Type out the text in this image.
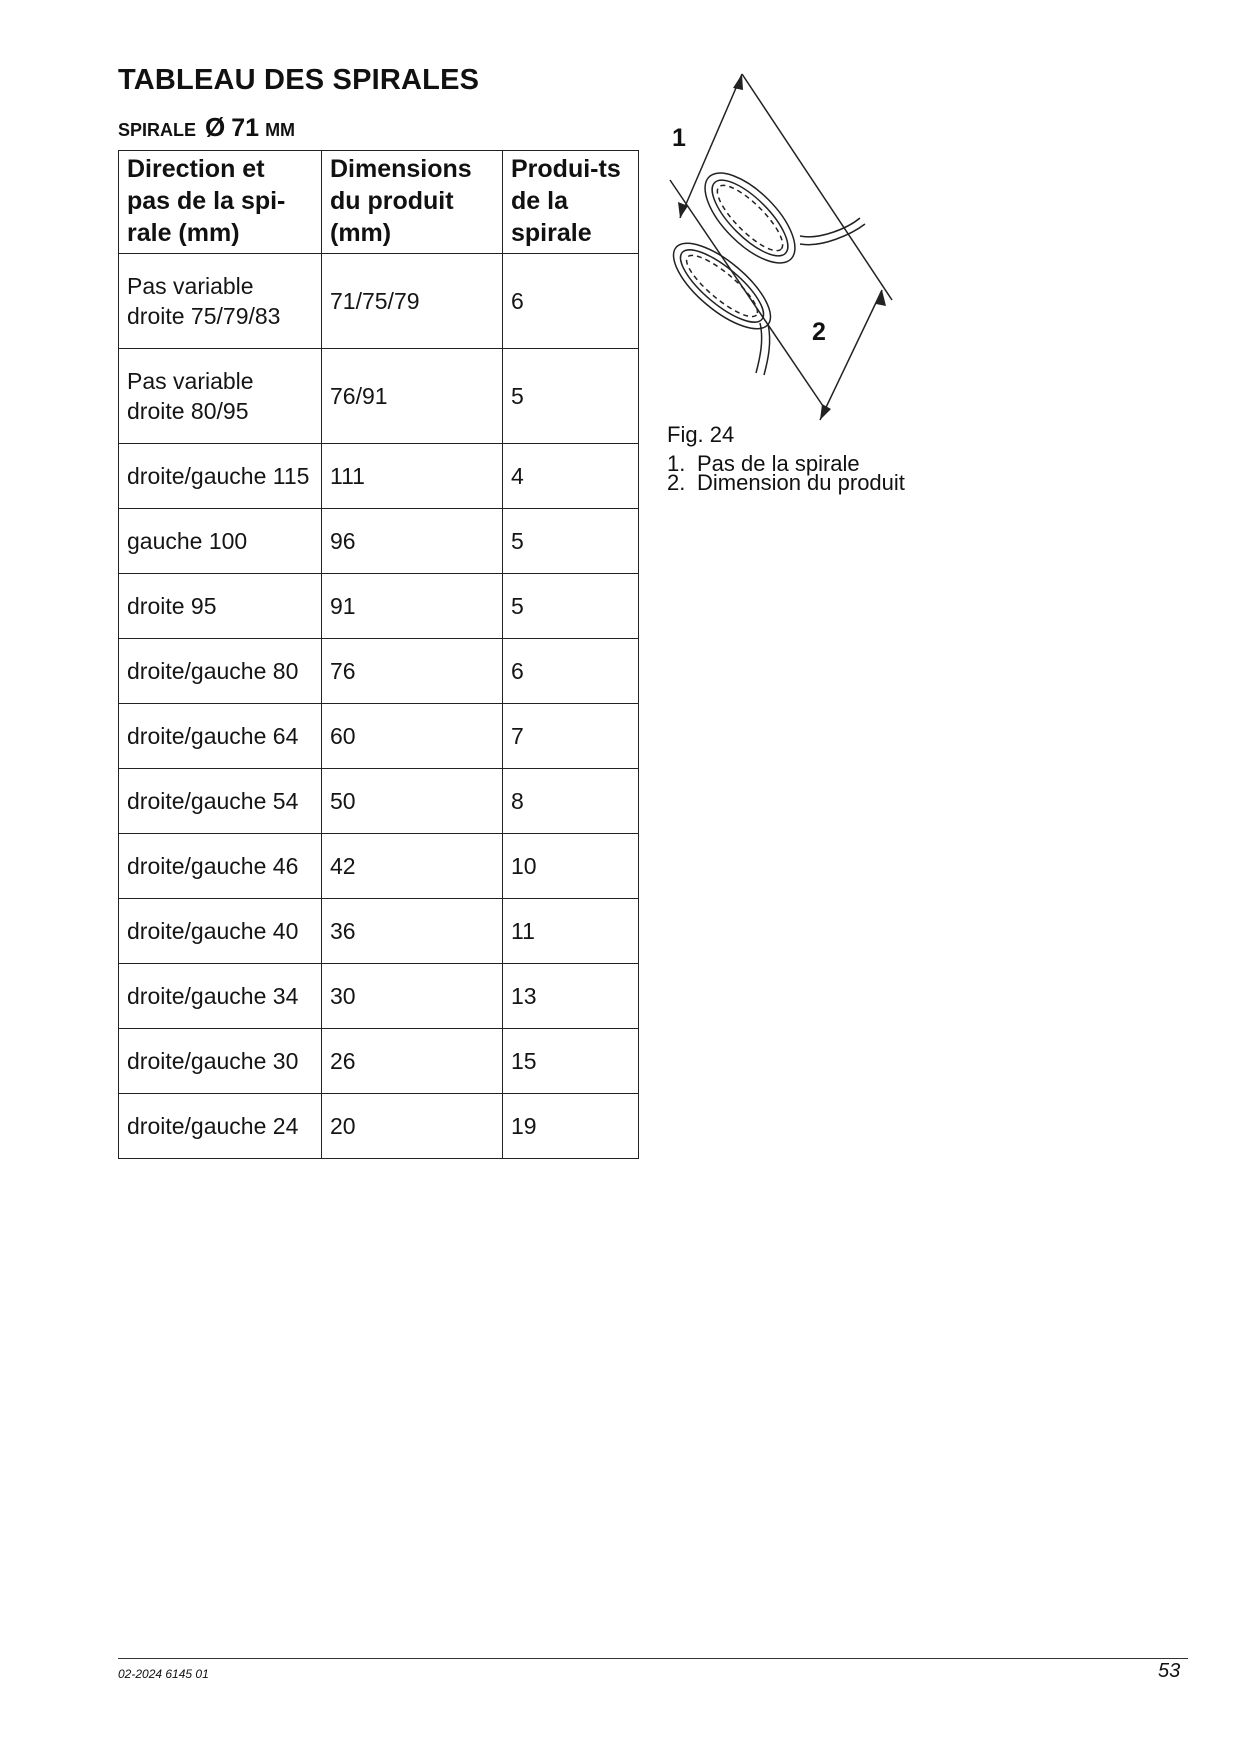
TABLEAU DES SPIRALES
SPIRALE Ø 71 MM
Direction et pas de la spi-rale (mm)	Dimensions du produit (mm)	Produi-ts de la spirale
Pas variable droite 75/79/83	71/75/79	6
Pas variable droite 80/95	76/91	5
droite/gauche 115	111	4
gauche 100	96	5
droite 95	91	5
droite/gauche 80	76	6
droite/gauche 64	60	7
droite/gauche 54	50	8
droite/gauche 46	42	10
droite/gauche 40	36	11
droite/gauche 34	30	13
droite/gauche 30	26	15
droite/gauche 24	20	19
1
2
Fig. 24
1. Pas de la spirale
2. Dimension du produit
02-2024 6145 01	53
